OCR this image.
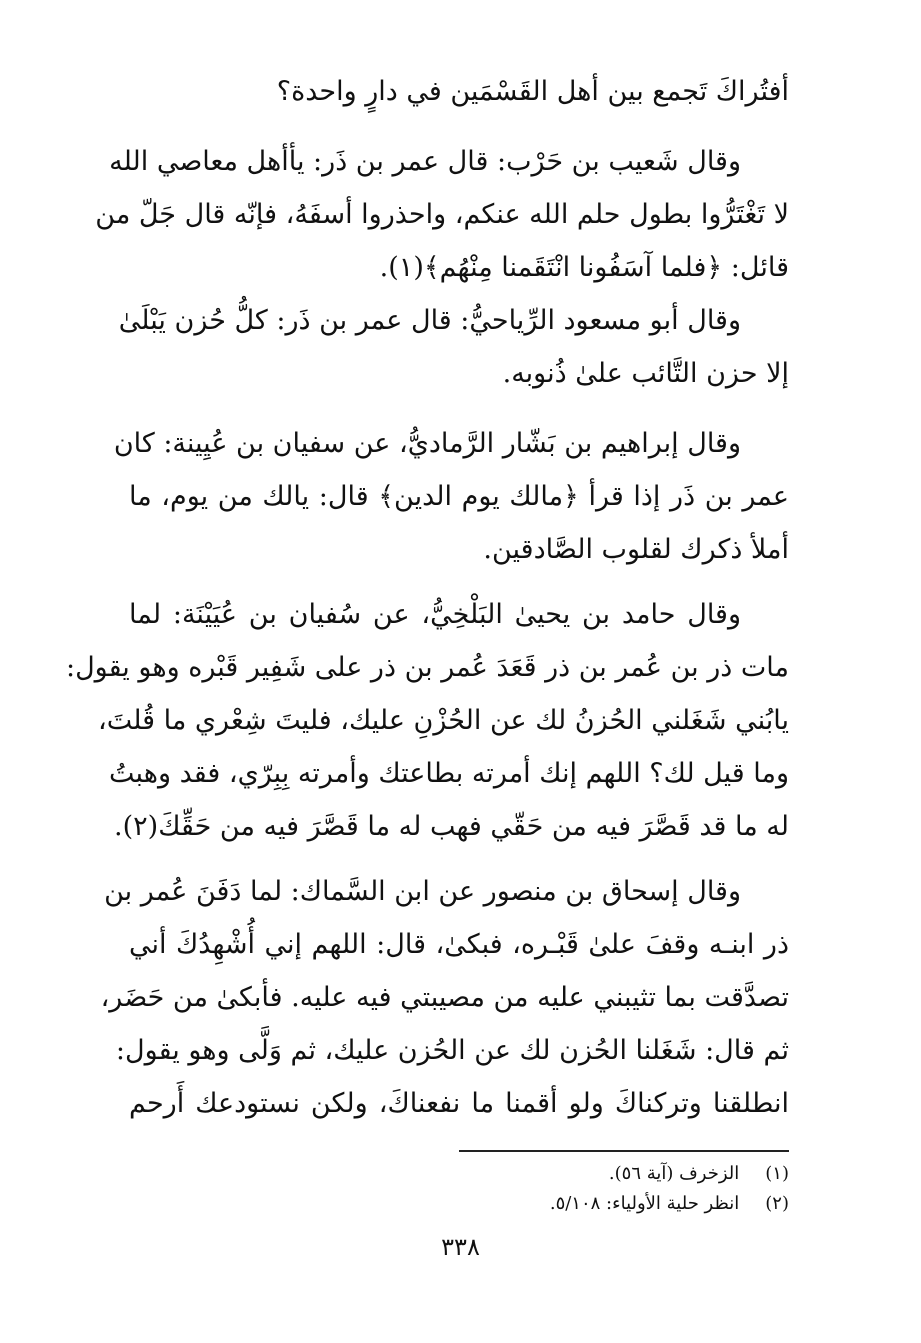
أفتُراكَ تَجمع بين أهل القَسْمَين في دارٍ واحدة؟
وقال شَعيب بن حَرْب: قال عمر بن ذَر: يأأهل معاصي الله
لا تَغْتَرُّوا بطول حلم الله عنكم، واحذروا أسفَهُ، فإنّه قال جَلّ من
قائل: ﴿فلما آسَفُونا انْتَقَمنا مِنْهُم﴾(١).
وقال أبو مسعود الرِّياحيُّ: قال عمر بن ذَر: كلُّ حُزن يَبْلَىٰ
إلا حزن التَّائب علىٰ ذُنوبه.
وقال إبراهيم بن بَشّار الرَّماديُّ، عن سفيان بن عُيِينة: كان
عمر بن ذَر إذا قرأ ﴿مالك يوم الدين﴾ قال: يالك من يوم، ما
أملأ ذكرك لقلوب الصَّادقين.
وقال حامد بن يحيىٰ البَلْخِيُّ، عن سُفيان بن عُيَيْنَة: لما
مات ذر بن عُمر بن ذر قَعَدَ عُمر بن ذر على شَفِير قَبْره وهو يقول:
يابُني شَغَلني الحُزنُ لك عن الحُزْنِ عليك، فليتَ شِعْري ما قُلتَ،
وما قيل لك؟ اللهم إنك أمرته بطاعتك وأمرته بِبِرّي، فقد وهبتُ
له ما قد قَصَّرَ فيه من حَقّي فهب له ما قَصَّرَ فيه من حَقِّكَ(٢).
وقال إسحاق بن منصور عن ابن السَّماك: لما دَفَنَ عُمر بن
ذر ابنـه وقفَ علىٰ قَبْـره، فبكىٰ، قال: اللهم إني أُشْهِدُكَ أني
تصدَّقت بما تثيبني عليه من مصيبتي فيه عليه. فأبكىٰ من حَضَر،
ثم قال: شَغَلنا الحُزن لك عن الحُزن عليك، ثم وَلَّى وهو يقول:
انطلقنا وتركناكَ ولو أقمنا ما نفعناكَ، ولكن نستودعك أَرحم
(١) الزخرف (آية ٥٦).
(٢) انظر حلية الأولياء: ٥/١٠٨.
٣٣٨
